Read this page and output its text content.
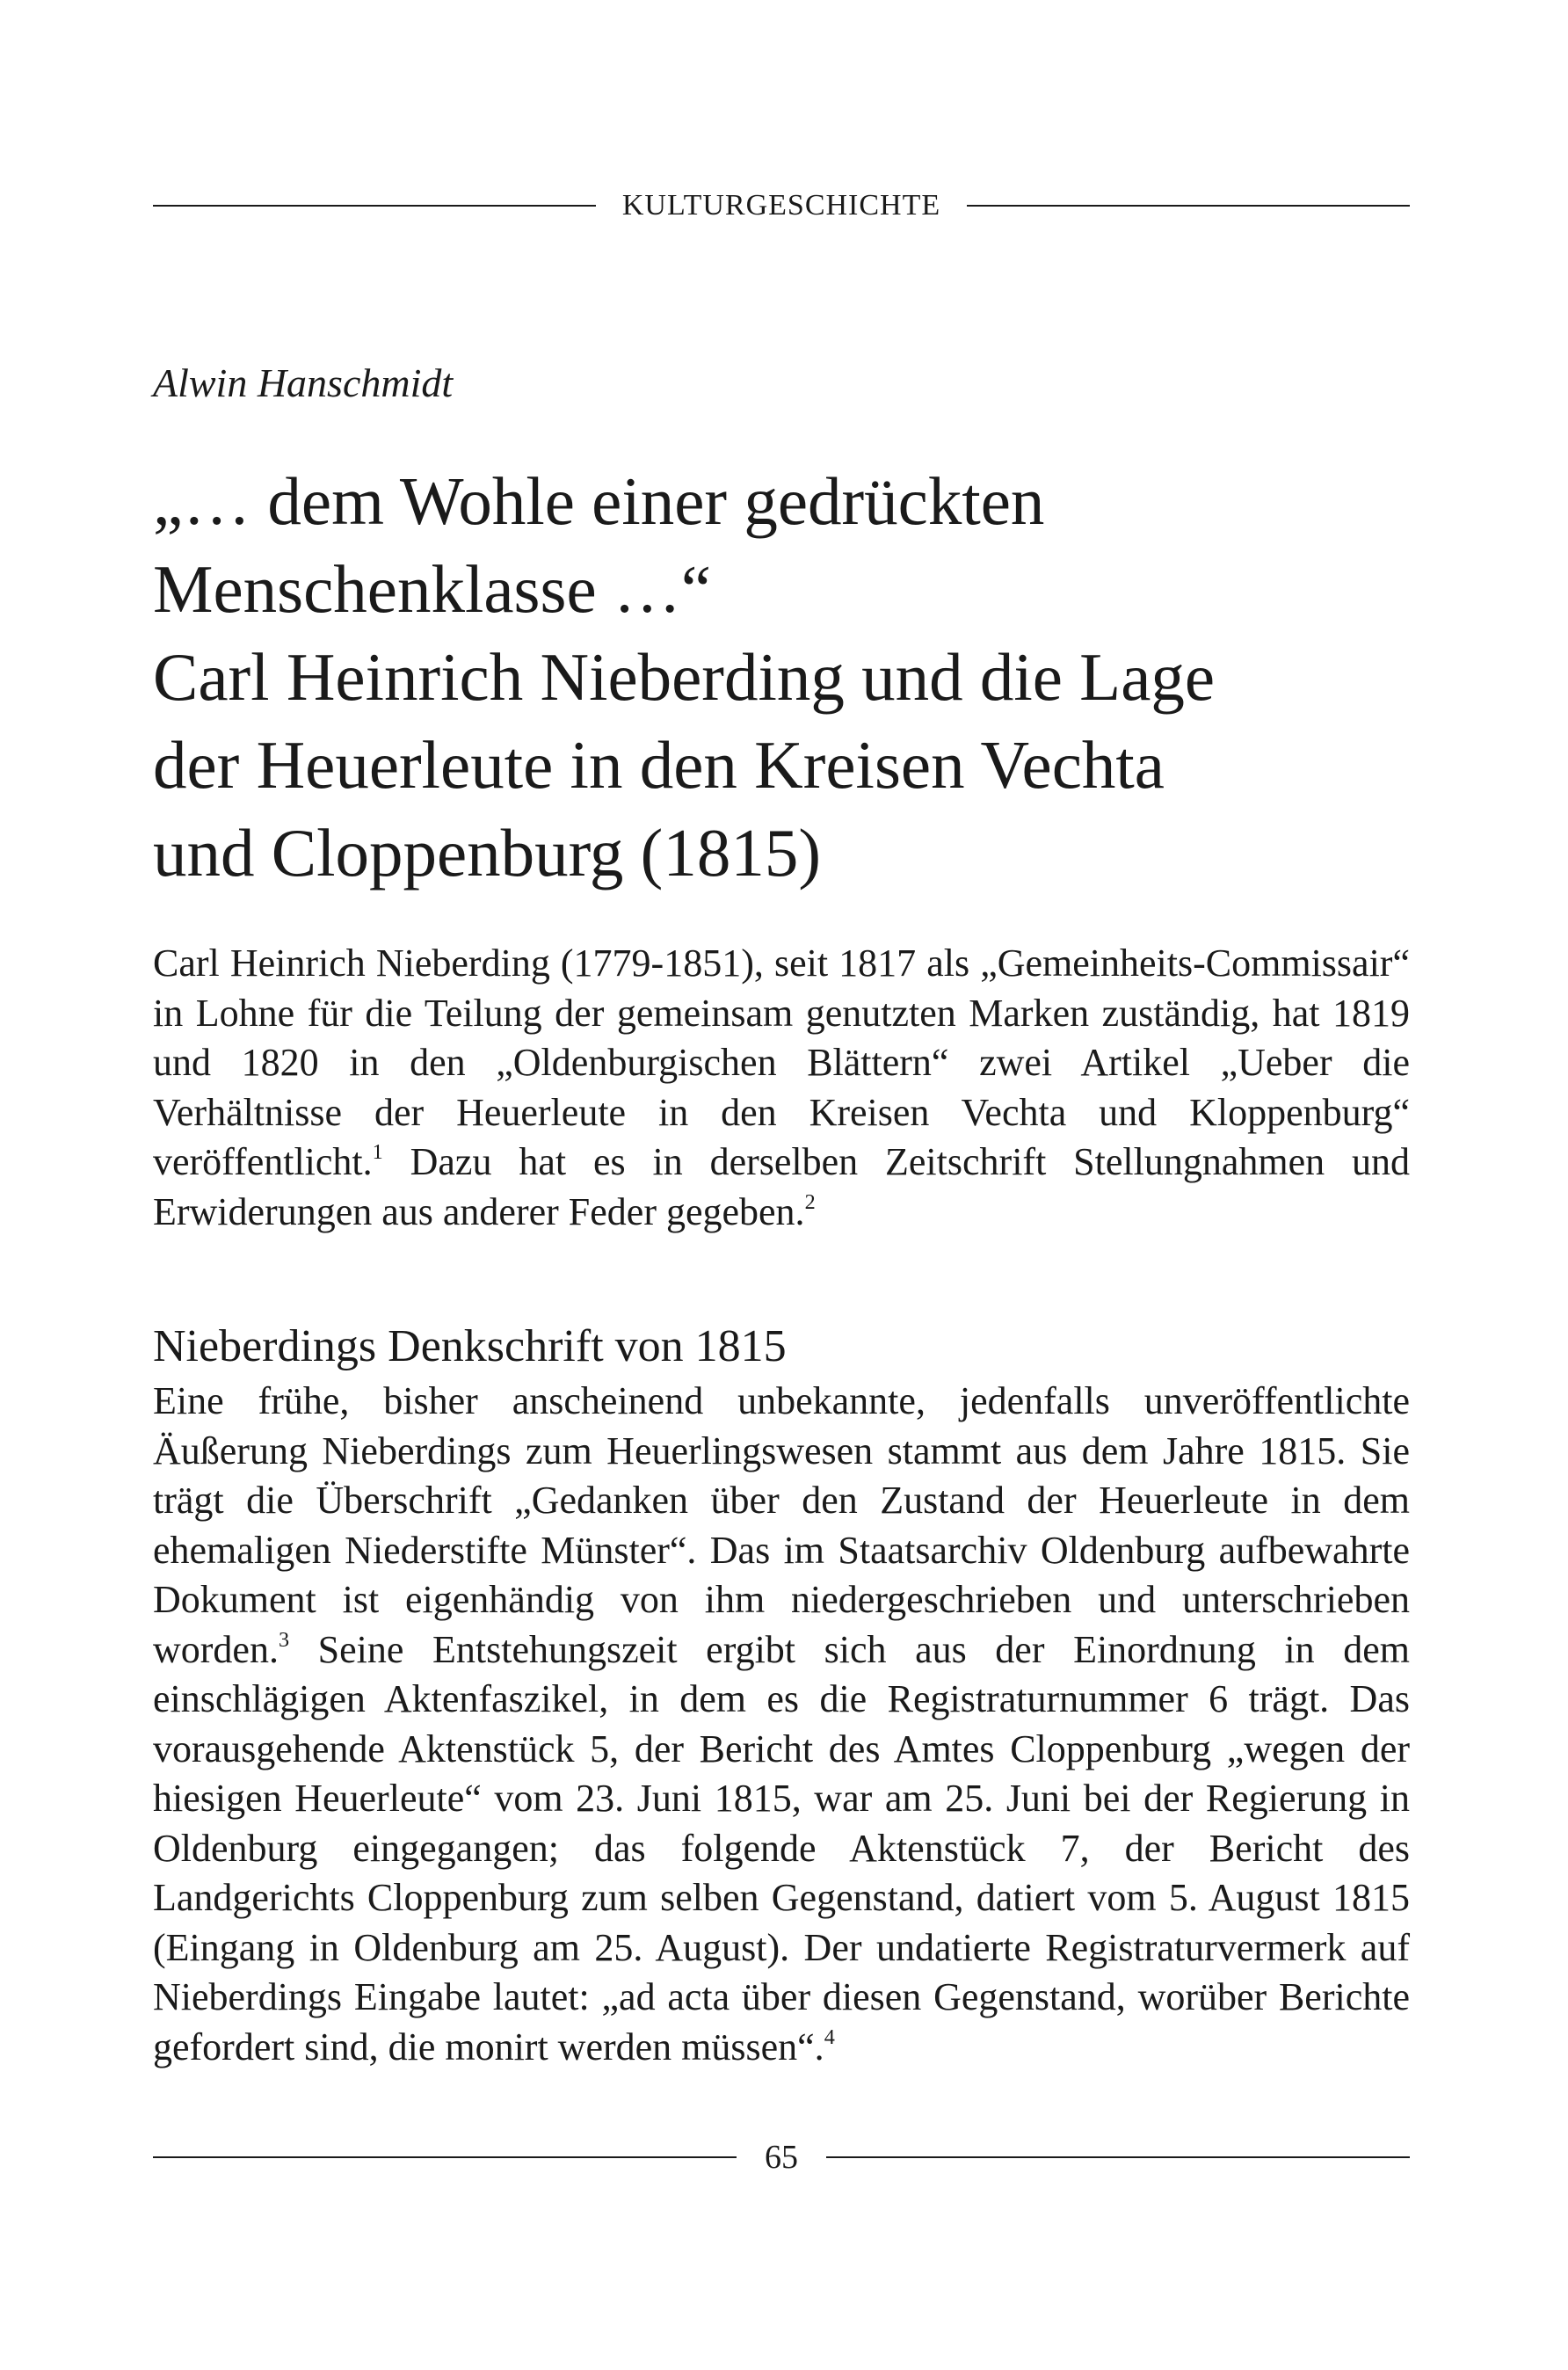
KULTURGESCHICHTE
Alwin Hanschmidt
„… dem Wohle einer gedrückten
Menschenklasse …“
Carl Heinrich Nieberding und die Lage
der Heuerleute in den Kreisen Vechta
und Cloppenburg (1815)

Carl Heinrich Nieberding (1779-1851), seit 1817 als „Gemeinheits-Commissair“ in Lohne für die Teilung der gemeinsam genutzten Marken zuständig, hat 1819 und 1820 in den „Oldenburgischen Blättern“ zwei Artikel „Ueber die Verhältnisse der Heuerleute in den Kreisen Vechta und Kloppenburg“ veröffentlicht.$^1$ Dazu hat es in derselben Zeitschrift Stellungnahmen und Erwiderungen aus anderer Feder gegeben.$^2$

Nieberdings Denkschrift von 1815

Eine frühe, bisher anscheinend unbekannte, jedenfalls unveröffentlichte Äußerung Nieberdings zum Heuerlingswesen stammt aus dem Jahre 1815. Sie trägt die Überschrift „Gedanken über den Zustand der Heuerleute in dem ehemaligen Niederstifte Münster“. Das im Staatsarchiv Oldenburg aufbewahrte Dokument ist eigenhändig von ihm niedergeschrieben und unterschrieben worden.$^3$ Seine Entstehungszeit ergibt sich aus der Einordnung in dem einschlägigen Aktenfaszikel, in dem es die Registraturnummer 6 trägt. Das vorausgehende Aktenstück 5, der Bericht des Amtes Cloppenburg „wegen der hiesigen Heuerleute“ vom 23. Juni 1815, war am 25. Juni bei der Regierung in Oldenburg eingegangen; das folgende Aktenstück 7, der Bericht des Landgerichts Cloppenburg zum selben Gegenstand, datiert vom 5. August 1815 (Eingang in Oldenburg am 25. August). Der undatierte Registraturvermerk auf Nieberdings Eingabe lautet: „ad acta über diesen Gegenstand, worüber Berichte gefordert sind, die monirt werden müssen“.$^4$

65
